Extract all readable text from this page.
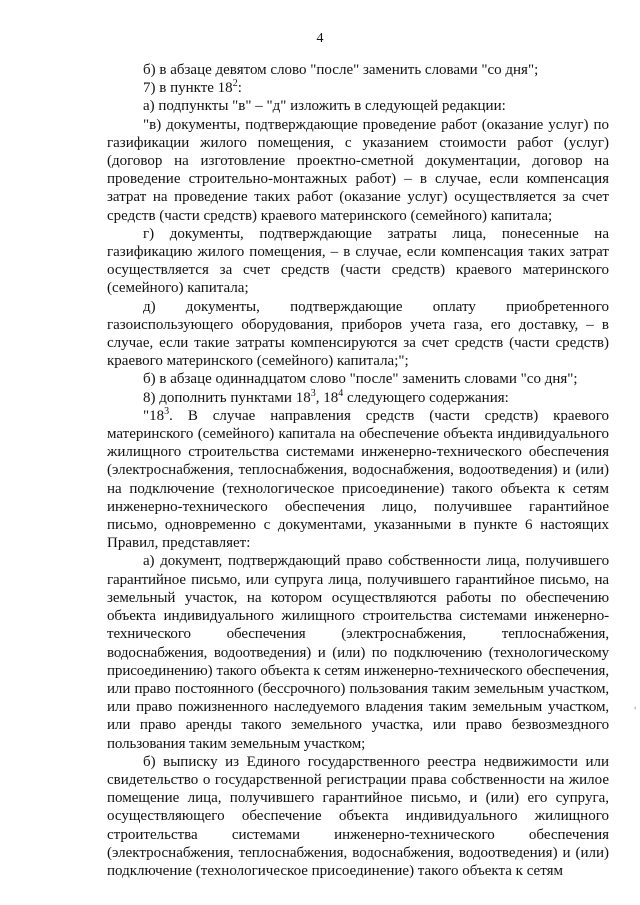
4

б) в абзаце девятом слово "после" заменить словами "со дня";

7) в пункте $18^2$:

а) подпункты "в" – "д" изложить в следующей редакции:

"в) документы, подтверждающие проведение работ (оказание услуг) по газификации жилого помещения, с указанием стоимости работ (услуг) (договор на изготовление проектно-сметной документации, договор на проведение строительно-монтажных работ) – в случае, если компенсация затрат на проведение таких работ (оказание услуг) осуществляется за счет средств (части средств) краевого материнского (семейного) капитала;

г) документы, подтверждающие затраты лица, понесенные на газификацию жилого помещения, – в случае, если компенсация таких затрат осуществляется за счет средств (части средств) краевого материнского (семейного) капитала;

д) документы, подтверждающие оплату приобретенного газоиспользующего оборудования, приборов учета газа, его доставку, – в случае, если такие затраты компенсируются за счет средств (части средств) краевого материнского (семейного) капитала;";

б) в абзаце одиннадцатом слово "после" заменить словами "со дня";

8) дополнить пунктами $18^3$, $18^4$ следующего содержания:

"$18^3$. В случае направления средств (части средств) краевого материнского (семейного) капитала на обеспечение объекта индивидуального жилищного строительства системами инженерно-технического обеспечения (электроснабжения, теплоснабжения, водоснабжения, водоотведения) и (или) на подключение (технологическое присоединение) такого объекта к сетям инженерно-технического обеспечения лицо, получившее гарантийное письмо, одновременно с документами, указанными в пункте 6 настоящих Правил, представляет:

а) документ, подтверждающий право собственности лица, получившего гарантийное письмо, или супруга лица, получившего гарантийное письмо, на земельный участок, на котором осуществляются работы по обеспечению объекта индивидуального жилищного строительства системами инженерно-технического обеспечения (электроснабжения, теплоснабжения, водоснабжения, водоотведения) и (или) по подключению (технологическому присоединению) такого объекта к сетям инженерно-технического обеспечения, или право постоянного (бессрочного) пользования таким земельным участком, или право пожизненного наследуемого владения таким земельным участком, или право аренды такого земельного участка, или право безвозмездного пользования таким земельным участком;

б) выписку из Единого государственного реестра недвижимости или свидетельство о государственной регистрации права собственности на жилое помещение лица, получившего гарантийное письмо, и (или) его супруга, осуществляющего обеспечение объекта индивидуального жилищного строительства системами инженерно-технического обеспечения (электроснабжения, теплоснабжения, водоснабжения, водоотведения) и (или) подключение (технологическое присоединение) такого объекта к сетям

'
